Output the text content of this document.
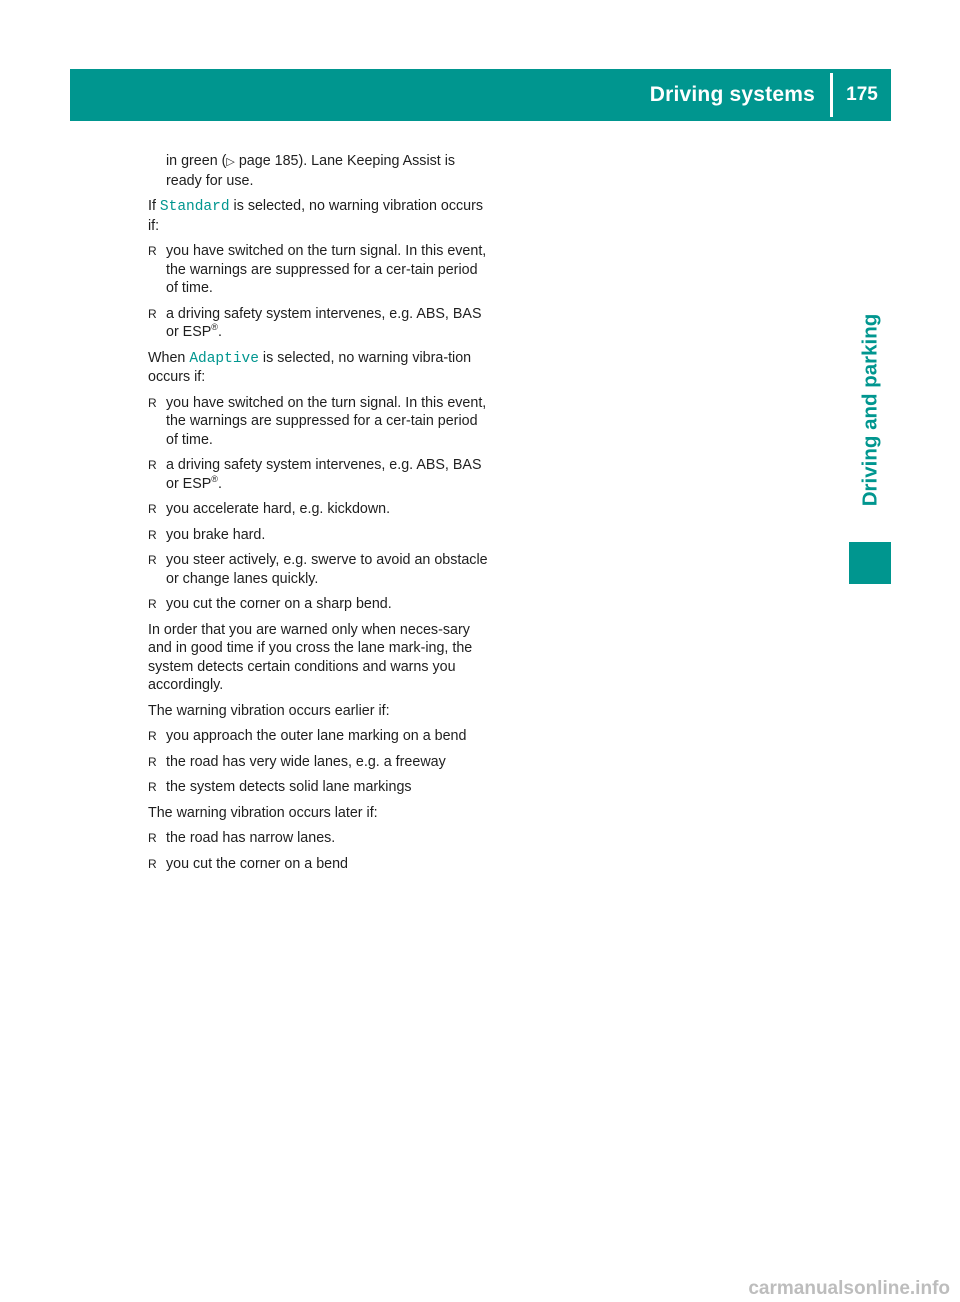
Driving systems	175
Driving and parking

in green (▷ page 185). Lane Keeping Assist is ready for use.

If Standard is selected, no warning vibration occurs if:

R you have switched on the turn signal. In this event, the warnings are suppressed for a cer-tain period of time.
R a driving safety system intervenes, e.g. ABS, BAS or ESP®.

When Adaptive is selected, no warning vibra-tion occurs if:

R you have switched on the turn signal. In this event, the warnings are suppressed for a cer-tain period of time.
R a driving safety system intervenes, e.g. ABS, BAS or ESP®.
R you accelerate hard, e.g. kickdown.
R you brake hard.
R you steer actively, e.g. swerve to avoid an obstacle or change lanes quickly.
R you cut the corner on a sharp bend.

In order that you are warned only when neces-sary and in good time if you cross the lane mark-ing, the system detects certain conditions and warns you accordingly.

The warning vibration occurs earlier if:

R you approach the outer lane marking on a bend
R the road has very wide lanes, e.g. a freeway
R the system detects solid lane markings

The warning vibration occurs later if:

R the road has narrow lanes.
R you cut the corner on a bend
carmanualsonline.info
